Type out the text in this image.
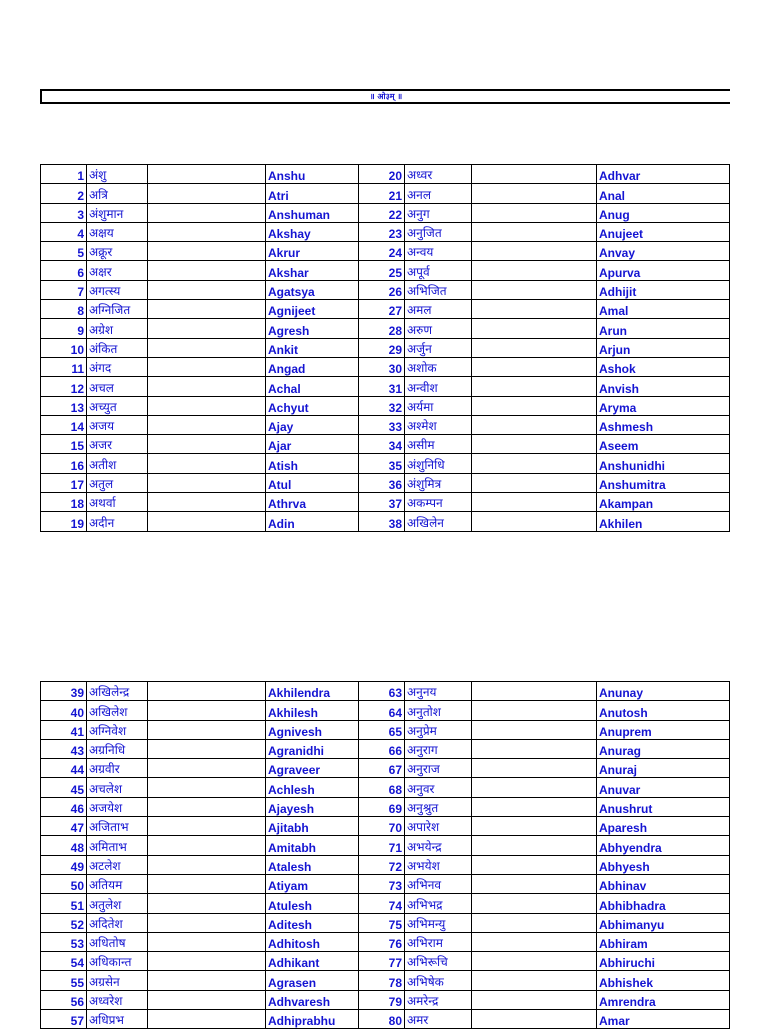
॥ ओ३म् ॥
1	अंशु		Anshu	20	अध्वर		Adhvar
2	अत्रि		Atri	21	अनल		Anal
3	अंशुमान		Anshuman	22	अनुग		Anug
4	अक्षय		Akshay	23	अनुजित		Anujeet
5	अक्रूर		Akrur	24	अन्वय		Anvay
6	अक्षर		Akshar	25	अपूर्व		Apurva
7	अगत्स्य		Agatsya	26	अभिजित		Adhijit
8	अग्निजित		Agnijeet	27	अमल		Amal
9	अग्रेश		Agresh	28	अरुण		Arun
10	अंकित		Ankit	29	अर्जुन		Arjun
11	अंगद		Angad	30	अशोक		Ashok
12	अचल		Achal	31	अन्वीश		Anvish
13	अच्युत		Achyut	32	अर्यमा		Aryma
14	अजय		Ajay	33	अश्मेश		Ashmesh
15	अजर		Ajar	34	असीम		Aseem
16	अतीश		Atish	35	अंशुनिधि		Anshunidhi
17	अतुल		Atul	36	अंशुमित्र		Anshumitra
18	अथर्वा		Athrva	37	अकम्पन		Akampan
19	अदीन		Adin	38	अखिलेन		Akhilen
39	अखिलेन्द्र		Akhilendra	63	अनुनय		Anunay
40	अखिलेश		Akhilesh	64	अनुतोश		Anutosh
41	अग्निवेश		Agnivesh	65	अनुप्रेम		Anuprem
43	अग्रनिधि		Agranidhi	66	अनुराग		Anurag
44	अग्रवीर		Agraveer	67	अनुराज		Anuraj
45	अचलेश		Achlesh	68	अनुवर		Anuvar
46	अजयेश		Ajayesh	69	अनुश्रुत		Anushrut
47	अजिताभ		Ajitabh	70	अपारेश		Aparesh
48	अमिताभ		Amitabh	71	अभयेन्द्र		Abhyendra
49	अटलेश		Atalesh	72	अभयेश		Abhyesh
50	अतियम		Atiyam	73	अभिनव		Abhinav
51	अतुलेश		Atulesh	74	अभिभद्र		Abhibhadra
52	अदितेश		Aditesh	75	अभिमन्यु		Abhimanyu
53	अधितोष		Adhitosh	76	अभिराम		Abhiram
54	अधिकान्त		Adhikant	77	अभिरूचि		Abhiruchi
55	अग्रसेन		Agrasen	78	अभिषेक		Abhishek
56	अध्वरेश		Adhvaresh	79	अमरेन्द्र		Amrendra
57	अधिप्रभ		Adhiprabhu	80	अमर		Amar
